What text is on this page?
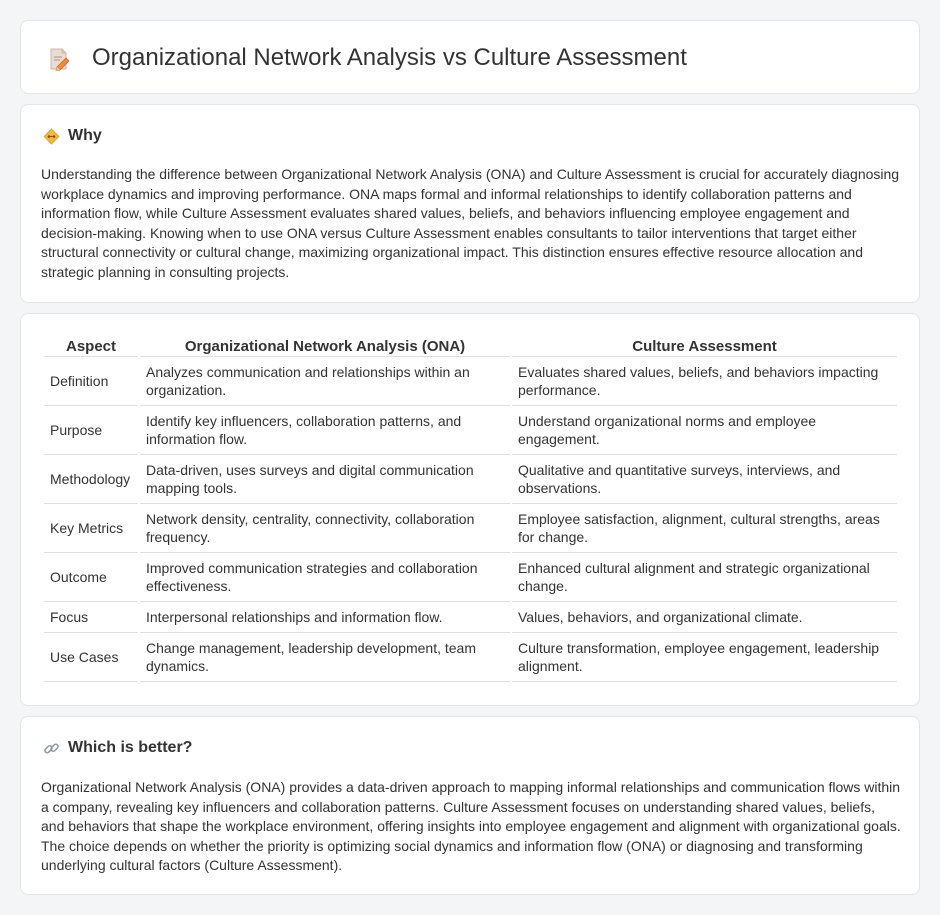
Organizational Network Analysis vs Culture Assessment
Why

Understanding the difference between Organizational Network Analysis (ONA) and Culture Assessment is crucial for accurately diagnosing workplace dynamics and improving performance. ONA maps formal and informal relationships to identify collaboration patterns and information flow, while Culture Assessment evaluates shared values, beliefs, and behaviors influencing employee engagement and decision-making. Knowing when to use ONA versus Culture Assessment enables consultants to tailor interventions that target either structural connectivity or cultural change, maximizing organizational impact. This distinction ensures effective resource allocation and strategic planning in consulting projects.

Aspect	Organizational Network Analysis (ONA)	Culture Assessment
Definition	Analyzes communication and relationships within an organization.	Evaluates shared values, beliefs, and behaviors impacting performance.
Purpose	Identify key influencers, collaboration patterns, and information flow.	Understand organizational norms and employee engagement.
Methodology	Data-driven, uses surveys and digital communication mapping tools.	Qualitative and quantitative surveys, interviews, and observations.
Key Metrics	Network density, centrality, connectivity, collaboration frequency.	Employee satisfaction, alignment, cultural strengths, areas for change.
Outcome	Improved communication strategies and collaboration effectiveness.	Enhanced cultural alignment and strategic organizational change.
Focus	Interpersonal relationships and information flow.	Values, behaviors, and organizational climate.
Use Cases	Change management, leadership development, team dynamics.	Culture transformation, employee engagement, leadership alignment.
Which is better?

Organizational Network Analysis (ONA) provides a data-driven approach to mapping informal relationships and communication flows within a company, revealing key influencers and collaboration patterns. Culture Assessment focuses on understanding shared values, beliefs, and behaviors that shape the workplace environment, offering insights into employee engagement and alignment with organizational goals. The choice depends on whether the priority is optimizing social dynamics and information flow (ONA) or diagnosing and transforming underlying cultural factors (Culture Assessment).
